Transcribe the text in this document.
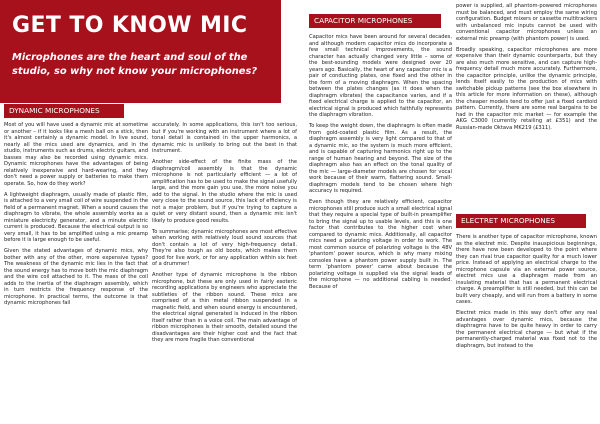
GET TO KNOW MIC

Microphones are the heart and soul of the studio, so why not know your microphones?

DYNAMIC MICROPHONES

Most of you will have used a dynamic mic at sometime or another – if it looks like a mesh ball on a stick, then it's almost certainly a dynamic model. In live sound, nearly all the mics used are dynamics, and in the studio, instruments such as drums, electric guitars, and basses may also be recorded using dynamic mics. Dynamic microphones have the advantages of being relatively inexpensive and hard-wearing, and they don't need a power supply or batteries to make them operate. So, how do they work?

A lightweight diaphragm, usually made of plastic film, is attached to a very small coil of wire suspended in the field of a permanent magnet. When a sound causes the diaphragm to vibrate, the whole assembly works as a miniature electricity generator, and a minute electric current is produced. Because the electrical output is so very small, it has to be amplified using a mic preamp before it is large enough to be useful.

Given the stated advantages of dynamic mics, why bother with any of the other, more expensive types? The weakness of the dynamic mic lies in the fact that the sound energy has to move both the mic diaphragm and the wire coil attached to it. The mass of the coil adds to the inertia of the diaphragm assembly, which in turn restricts the frequency response of the microphone. In practical terms, the outcome is that dynamic microphones fail

accurately. In some applications, this isn't too serious, but if you're working with an instrument where a lot of tonal detail is contained in the upper harmonics, a dynamic mic is unlikely to bring out the best in that instrument.

Another side-effect of the finite mass of the diaphragm/coil assembly is that the dynamic microphone is not particularly efficient — a lot of amplification has to be used to make the signal usefully large, and the more gain you use, the more noise you add to the signal. In the studio where the mic is used very close to the sound source, this lack of efficiency is not a major problem, but if you're trying to capture a quiet or very distant sound, then a dynamic mic isn't likely to produce good results.

To summarise; dynamic microphones are most effective when working with relatively loud sound sources that don't contain a lot of very high-frequency detail. They're also tough as old boots, which makes them good for live work, or for any application within six feet of a drummer!

Another type of dynamic microphone is the ribbon microphone, but these are only used in fairly esoteric recording applications by engineers who appreciate the subtleties of the ribbon sound. These mics are comprised of a thin metal ribbon suspended in a magnetic field, and when sound energy is encountered, the electrical signal generated is induced in the ribbon itself rather than in a voice coil. The main advantage of ribbon microphones is their smooth, detailed sound the disadvantages are their higher cost and the fact that they are more fragile than conventional

CAPACITOR MICROPHONES

Capacitor mics have been around for several decades, and although modern capacitor mics do incorporate a few small technical improvements, the sound character has actually changed very little – some of the best-sounding models were designed over 20 years ago. Basically, the heart of any capacitor mic is a pair of conducting plates, one fixed and the other in the form of a moving diaphragm. When the spacing between the plates changes (as it does when the diaphragm vibrates) the capacitance varies, and if a fixed electrical charge is applied to the capacitor, an electrical signal is produced which faithfully represents the diaphragm vibration.

To keep the weight down, the diaphragm is often made from gold-coated plastic film. As a result, the diaphragm assembly is very light compared to that of a dynamic mic, so the system is much more efficient, and is capable of capturing harmonics right up to the range of human hearing and beyond. The size of the diaphragm also has an effect on the tonal quality of the mic — large-diameter models are chosen for vocal work because of their warm, flattering sound. Small-diaphragm models tend to be chosen where high accuracy is required.

Even though they are relatively efficient, capacitor microphones still produce such a small electrical signal that they require a special type of built-in preamplifier to bring the signal up to usable levels, and this is one factor that contributes to the higher cost when compared to dynamic mics. Additionally, all capacitor mics need a polarizing voltage in order to work. The most common source of polarizing voltage is the 48V 'phantom' power source, which is why many mixing consoles have a phantom power supply built in. The term 'phantom power' came about because the polarizing voltage is supplied via the signal leads of the microphone — no additional cabling is needed. Because of

power is supplied, all phantom-powered microphones must be balanced, and must employ the same wiring configuration. Budget mixers or cassette multitrackers with unbalanced mic inputs cannot be used with conventional capacitor microphones unless an external mic preamp (with phantom power) is used.

Broadly speaking, capacitor microphones are more expensive than their dynamic counterparts, but they are also much more sensitive, and can capture high-frequency detail much more accurately. Furthermore, the capacitor principle, unlike the dynamic principle, lends itself easily to the production of mics with switchable pickup patterns (see the box elsewhere in this article for more information on these), although the cheaper models tend to offer just a fixed cardioid pattern. Currently, there are some real bargains to be had in the capacitor mic market — for example the AKG C3000 (currently retailing at £351) and the Russian-made Oktava MK219 (£311).

ELECTRET MICROPHONES

There is another type of capacitor microphone, known as the electret mic. Despite inauspicious beginnings, there have now been developed to the point where they can rival true capacitor quality for a much lower price. Instead of applying an electrical charge to the microphone capsule via an external power source, electret mics use a diaphragm made from an insulating material that has a permanent electrical charge. A preamplifier is still needed, but this can be built very cheaply, and will run from a battery in some cases.

Electret mics made in this way don't offer any real advantages over dynamic mics, because the diaphragms have to be quite heavy in order to carry the permanent electrical charge — but what if the permanently-charged material was fixed not to the diaphragm, but instead to the
